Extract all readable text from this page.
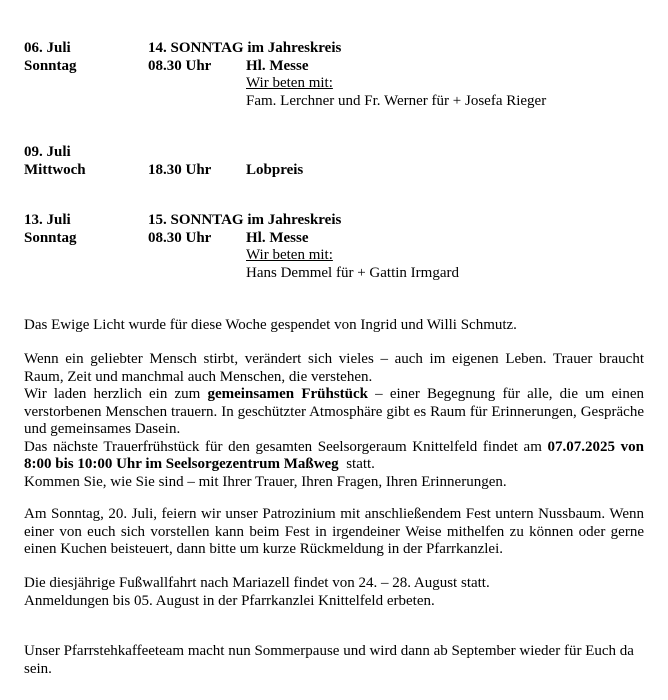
06. Juli	14. SONNTAG im Jahreskreis
Sonntag	08.30 Uhr Hl. Messe
Wir beten mit:
Fam. Lerchner und Fr. Werner für + Josefa Rieger
09. Juli
Mittwoch	18.30 Uhr Lobpreis
13. Juli	15. SONNTAG im Jahreskreis
Sonntag	08.30 Uhr Hl. Messe
Wir beten mit:
Hans Demmel für + Gattin Irmgard

Das Ewige Licht wurde für diese Woche gespendet von Ingrid und Willi Schmutz.

Wenn ein geliebter Mensch stirbt, verändert sich vieles – auch im eigenen Leben. Trauer braucht Raum, Zeit und manchmal auch Menschen, die verstehen.

Wir laden herzlich ein zum gemeinsamen Frühstück – einer Begegnung für alle, die um einen verstorbenen Menschen trauern. In geschützter Atmosphäre gibt es Raum für Erinnerungen, Gespräche und gemeinsames Dasein.

Das nächste Trauerfrühstück für den gesamten Seelsorgeraum Knittelfeld findet am 07.07.2025 von 8:00 bis 10:00 Uhr im Seelsorgezentrum Maßweg  statt.

Kommen Sie, wie Sie sind – mit Ihrer Trauer, Ihren Fragen, Ihren Erinnerungen.

Am Sonntag, 20. Juli, feiern wir unser Patrozinium mit anschließendem Fest untern Nussbaum. Wenn einer von euch sich vorstellen kann beim Fest in irgendeiner Weise mithelfen zu können oder gerne einen Kuchen beisteuert, dann bitte um kurze Rückmeldung in der Pfarrkanzlei.

Die diesjährige Fußwallfahrt nach Mariazell findet von 24. – 28. August statt.

Anmeldungen bis 05. August in der Pfarrkanzlei Knittelfeld erbeten.

Unser Pfarrstehkaffeeteam macht nun Sommerpause und wird dann ab September wieder für Euch da sein.
